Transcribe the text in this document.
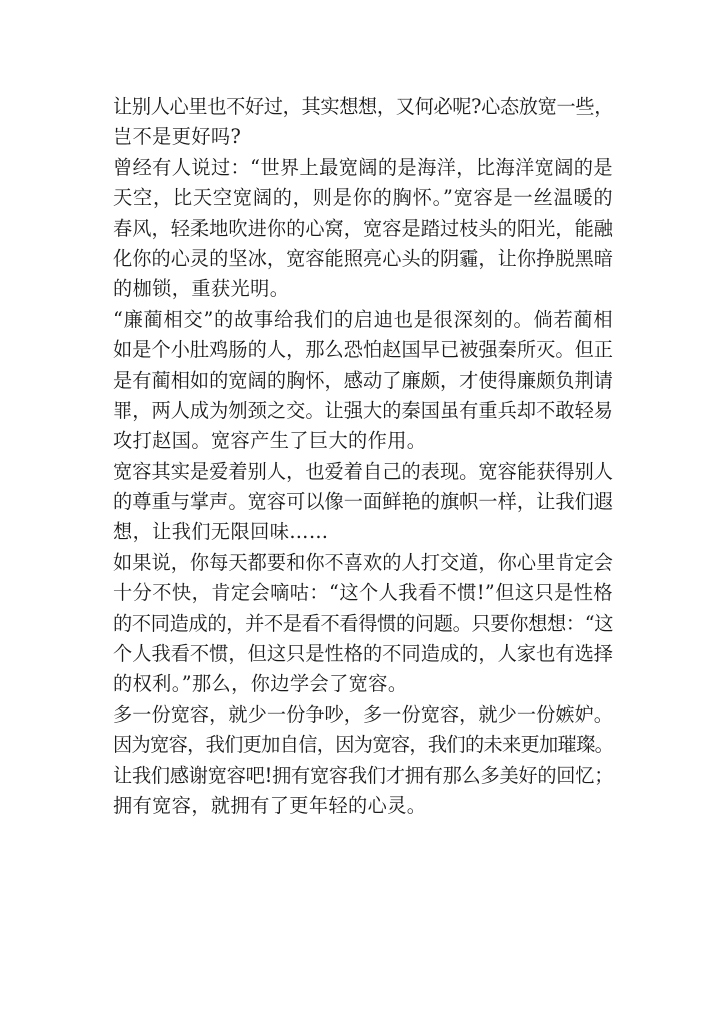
让别人心里也不好过，其实想想，又何必呢?心态放宽一些，
岂不是更好吗?
曾经有人说过：“世界上最宽阔的是海洋，比海洋宽阔的是
天空，比天空宽阔的，则是你的胸怀。”宽容是一丝温暖的
春风，轻柔地吹进你的心窝，宽容是踏过枝头的阳光，能融
化你的心灵的坚冰，宽容能照亮心头的阴霾，让你挣脱黑暗
的枷锁，重获光明。
“廉蔺相交”的故事给我们的启迪也是很深刻的。倘若蔺相
如是个小肚鸡肠的人，那么恐怕赵国早已被强秦所灭。但正
是有蔺相如的宽阔的胸怀，感动了廉颇，才使得廉颇负荆请
罪，两人成为刎颈之交。让强大的秦国虽有重兵却不敢轻易
攻打赵国。宽容产生了巨大的作用。
宽容其实是爱着别人，也爱着自己的表现。宽容能获得别人
的尊重与掌声。宽容可以像一面鲜艳的旗帜一样，让我们遐
想，让我们无限回味……
如果说，你每天都要和你不喜欢的人打交道，你心里肯定会
十分不快，肯定会嘀咕：“这个人我看不惯!”但这只是性格
的不同造成的，并不是看不看得惯的问题。只要你想想：“这
个人我看不惯，但这只是性格的不同造成的，人家也有选择
的权利。”那么，你边学会了宽容。
多一份宽容，就少一份争吵，多一份宽容，就少一份嫉妒。
因为宽容，我们更加自信，因为宽容，我们的未来更加璀璨。
让我们感谢宽容吧!拥有宽容我们才拥有那么多美好的回忆；
拥有宽容，就拥有了更年轻的心灵。
